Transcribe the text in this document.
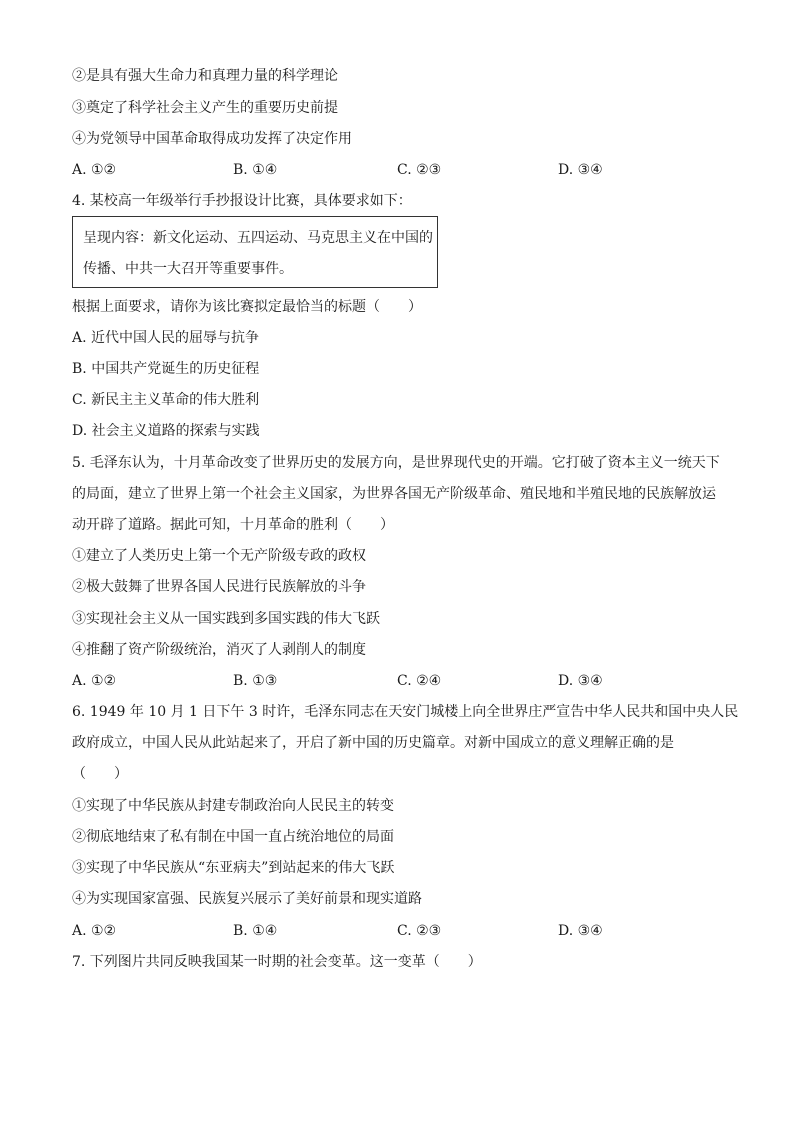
②是具有强大生命力和真理力量的科学理论
③奠定了科学社会主义产生的重要历史前提
④为党领导中国革命取得成功发挥了决定作用
A. ①②	B. ①④	C. ②③	D. ③④
4. 某校高一年级举行手抄报设计比赛，具体要求如下：
呈现内容：新文化运动、五四运动、马克思主义在中国的
传播、中共一大召开等重要事件。
根据上面要求，请你为该比赛拟定最恰当的标题（　　）
A. 近代中国人民的屈辱与抗争
B. 中国共产党诞生的历史征程
C. 新民主主义革命的伟大胜利
D. 社会主义道路的探索与实践
5. 毛泽东认为，十月革命改变了世界历史的发展方向，是世界现代史的开端。它打破了资本主义一统天下
的局面，建立了世界上第一个社会主义国家，为世界各国无产阶级革命、殖民地和半殖民地的民族解放运
动开辟了道路。据此可知，十月革命的胜利（　　）
①建立了人类历史上第一个无产阶级专政的政权
②极大鼓舞了世界各国人民进行民族解放的斗争
③实现社会主义从一国实践到多国实践的伟大飞跃
④推翻了资产阶级统治，消灭了人剥削人的制度
A. ①②	B. ①③	C. ②④	D. ③④
6. 1949 年 10 月 1 日下午 3 时许，毛泽东同志在天安门城楼上向全世界庄严宣告中华人民共和国中央人民
政府成立，中国人民从此站起来了，开启了新中国的历史篇章。对新中国成立的意义理解正确的是
（　　）
①实现了中华民族从封建专制政治向人民民主的转变
②彻底地结束了私有制在中国一直占统治地位的局面
③实现了中华民族从“东亚病夫”到站起来的伟大飞跃
④为实现国家富强、民族复兴展示了美好前景和现实道路
A. ①②	B. ①④	C. ②③	D. ③④
7. 下列图片共同反映我国某一时期的社会变革。这一变革（　　）
